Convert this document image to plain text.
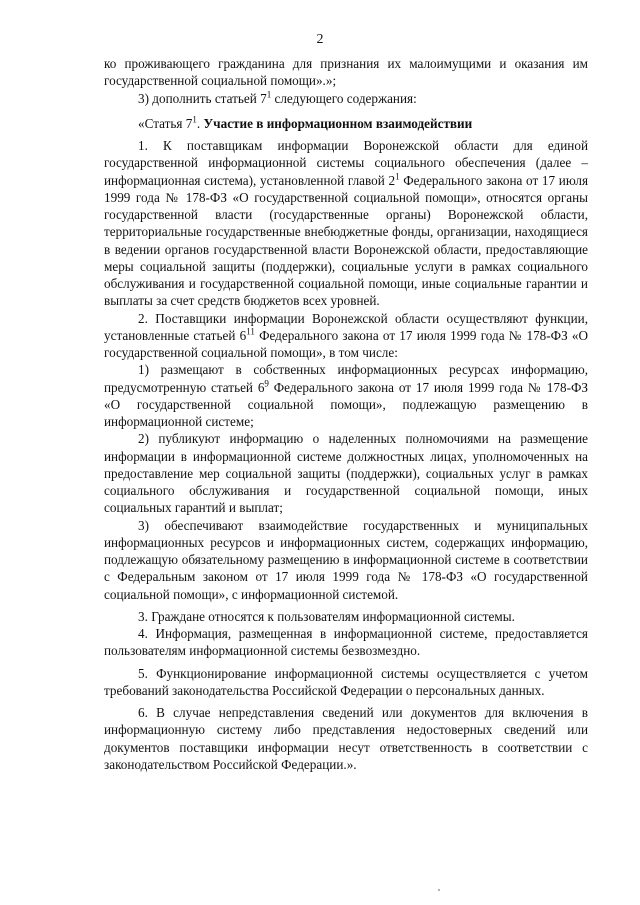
2

ко проживающего гражданина для признания их малоимущими и оказания им государственной социальной помощи».»;

3) дополнить статьей $7^1$ следующего содержания:

«Статья $7^1$. Участие в информационном взаимодействии

1. К поставщикам информации Воронежской области для единой государственной информационной системы социального обеспечения (далее – информационная система), установленной главой $2^1$ Федерального закона от 17 июля 1999 года № 178-ФЗ «О государственной социальной помощи», относятся органы государственной власти (государственные органы) Воронежской области, территориальные государственные внебюджетные фонды, организации, находящиеся в ведении органов государственной власти Воронежской области, предоставляющие меры социальной защиты (поддержки), социальные услуги в рамках социального обслуживания и государственной социальной помощи, иные социальные гарантии и выплаты за счет средств бюджетов всех уровней.

2. Поставщики информации Воронежской области осуществляют функции, установленные статьей $6^{11}$ Федерального закона от 17 июля 1999 года № 178-ФЗ «О государственной социальной помощи», в том числе:

1) размещают в собственных информационных ресурсах информацию, предусмотренную статьей $6^9$ Федерального закона от 17 июля 1999 года № 178-ФЗ «О государственной социальной помощи», подлежащую размещению в информационной системе;

2) публикуют информацию о наделенных полномочиями на размещение информации в информационной системе должностных лицах, уполномоченных на предоставление мер социальной защиты (поддержки), социальных услуг в рамках социального обслуживания и государственной социальной помощи, иных социальных гарантий и выплат;

3) обеспечивают взаимодействие государственных и муниципальных информационных ресурсов и информационных систем, содержащих информацию, подлежащую обязательному размещению в информационной системе в соответствии с Федеральным законом от 17 июля 1999 года № 178-ФЗ «О государственной социальной помощи», с информационной системой.

3. Граждане относятся к пользователям информационной системы.

4. Информация, размещенная в информационной системе, предоставляется пользователям информационной системы безвозмездно.

5. Функционирование информационной системы осуществляется с учетом требований законодательства Российской Федерации о персональных данных.

6. В случае непредставления сведений или документов для включения в информационную систему либо представления недостоверных сведений или документов поставщики информации несут ответственность в соответствии с законодательством Российской Федерации.».
